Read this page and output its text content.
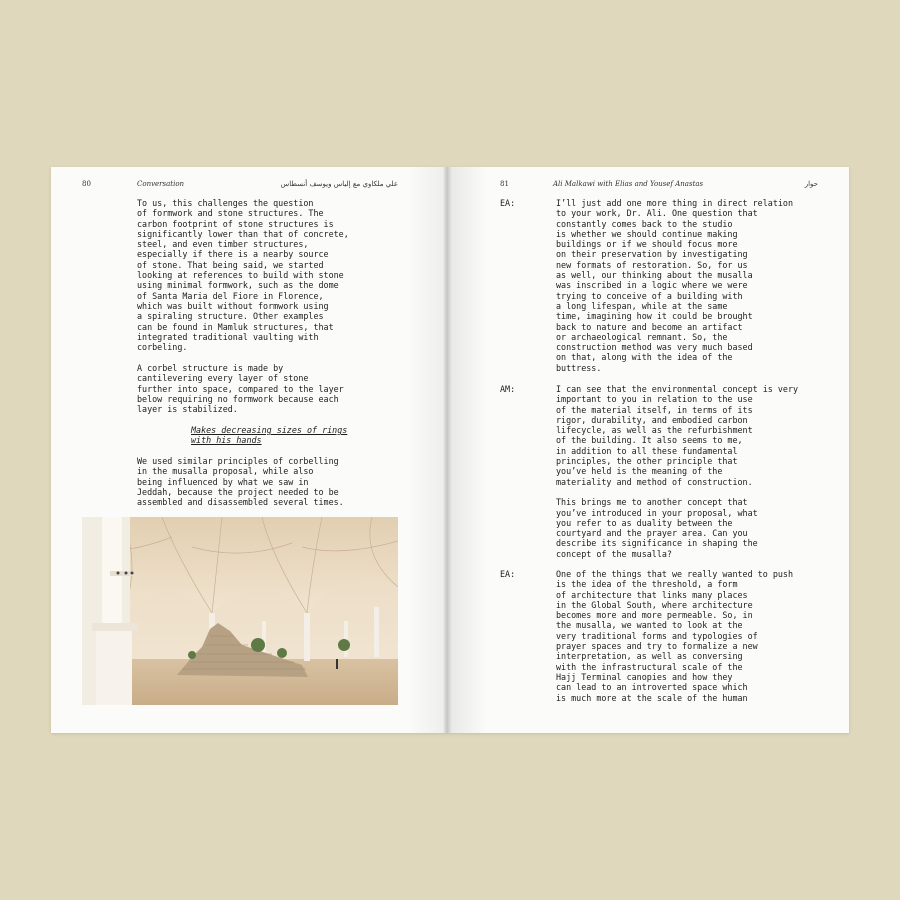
80	Conversation	علي ملكاوي مع إلياس ويوسف أنسطاس
To us, this challenges the question
of formwork and stone structures. The
carbon footprint of stone structures is
significantly lower than that of concrete,
steel, and even timber structures,
especially if there is a nearby source
of stone. That being said, we started
looking at references to build with stone
using minimal formwork, such as the dome
of Santa Maria del Fiore in Florence,
which was built without formwork using
a spiraling structure. Other examples
can be found in Mamluk structures, that
integrated traditional vaulting with
corbeling.
A corbel structure is made by
cantilevering every layer of stone
further into space, compared to the layer
below requiring no formwork because each
layer is stabilized.
Makes decreasing sizes of rings
with his hands
We used similar principles of corbelling
in the musalla proposal, while also
being influenced by what we saw in
Jeddah, because the project needed to be
assembled and disassembled several times.
81	Ali Malkawi with Elias and Yousef Anastas	حوار
EA:	I’ll just add one more thing in direct relation
to your work, Dr. Ali. One question that
constantly comes back to the studio
is whether we should continue making
buildings or if we should focus more
on their preservation by investigating
new formats of restoration. So, for us
as well, our thinking about the musalla
was inscribed in a logic where we were
trying to conceive of a building with
a long lifespan, while at the same
time, imagining how it could be brought
back to nature and become an artifact
or archaeological remnant. So, the
construction method was very much based
on that, along with the idea of the
buttress.
AM:	I can see that the environmental concept is very
important to you in relation to the use
of the material itself, in terms of its
rigor, durability, and embodied carbon
lifecycle, as well as the refurbishment
of the building. It also seems to me,
in addition to all these fundamental
principles, the other principle that
you’ve held is the meaning of the
materiality and method of construction.

This brings me to another concept that
you’ve introduced in your proposal, what
you refer to as duality between the
courtyard and the prayer area. Can you
describe its significance in shaping the
concept of the musalla?
EA:	One of the things that we really wanted to push
is the idea of the threshold, a form
of architecture that links many places
in the Global South, where architecture
becomes more and more permeable. So, in
the musalla, we wanted to look at the
very traditional forms and typologies of
prayer spaces and try to formalize a new
interpretation, as well as conversing
with the infrastructural scale of the
Hajj Terminal canopies and how they
can lead to an introverted space which
is much more at the scale of the human
